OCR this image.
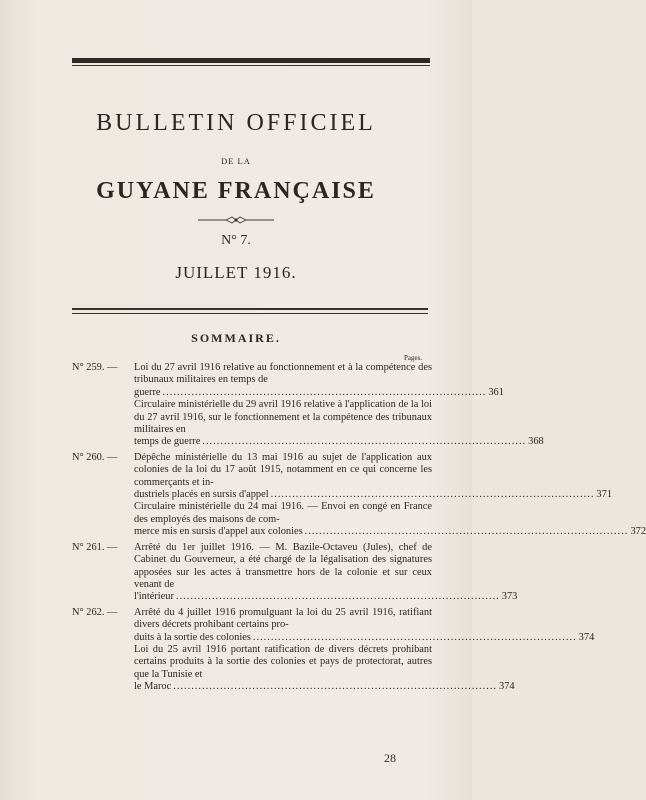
BULLETIN OFFICIEL
DE LA
GUYANE FRANÇAISE
N° 7.
JUILLET 1916.
SOMMAIRE.
Pages.
N° 259. — Loi du 27 avril 1916 relative au fonctionnement et à la compétence des tribunaux militaires en temps de
guerre .......................................................................................... 361
Circulaire ministérielle du 29 avril 1916 relative à l'application de la loi du 27 avril 1916, sur le fonctionnement et la compétence des tribunaux militaires en
temps de guerre .......................................................................................... 368
N° 260. — Dépêche ministérielle du 13 mai 1916 au sujet de l'application aux colonies de la loi du 17 août 1915, notamment en ce qui concerne les commerçants et in-
dustriels placés en sursis d'appel .......................................................................................... 371
Circulaire ministérielle du 24 mai 1916. — Envoi en congé en France des employés des maisons de com-
merce mis en sursis d'appel aux colonies .......................................................................................... 372
N° 261. — Arrêté du 1er juillet 1916. — M. Bazile-Octaveu (Jules), chef de Cabinet du Gouverneur, a été chargé de la légalisation des signatures apposées sur les actes à transmettre hors de la colonie et sur ceux venant de
l'intérieur .......................................................................................... 373
N° 262. — Arrêté du 4 juillet 1916 promulguant la loi du 25 avril 1916, ratifiant divers décrets prohibant certains pro-
duits à la sortie des colonies .......................................................................................... 374
Loi du 25 avril 1916 portant ratification de divers décrets prohibant certains produits à la sortie des colonies et pays de protectorat, autres que la Tunisie et
le Maroc .......................................................................................... 374
28
